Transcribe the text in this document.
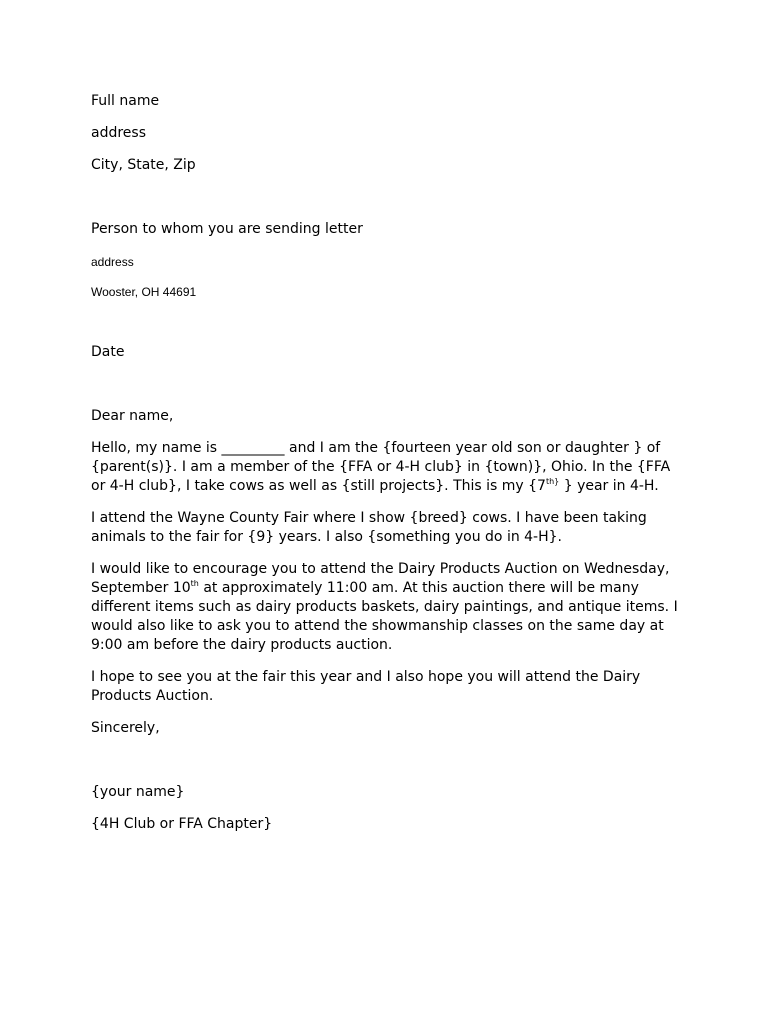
Full name

address

City, State, Zip

Person to whom you are sending letter

address

Wooster, OH 44691

Date

Dear name,

Hello, my name is _________ and I am the {fourteen year old son or daughter } of
{parent(s)}. I am a member of the {FFA or 4-H club} in {town)}, Ohio. In the {FFA
or 4-H club}, I take cows as well as {still projects}. This is my {$7^{th\}}$ } year in 4-H.
I attend the Wayne County Fair where I show {breed} cows. I have been taking
animals to the fair for {9} years. I also {something you do in 4-H}.
I would like to encourage you to attend the Dairy Products Auction on Wednesday,
September 10th at approximately 11:00 am. At this auction there will be many
different items such as dairy products baskets, dairy paintings, and antique items. I
would also like to ask you to attend the showmanship classes on the same day at
9:00 am before the dairy products auction.
I hope to see you at the fair this year and I also hope you will attend the Dairy
Products Auction.

Sincerely,

{your name}

{4H Club or FFA Chapter}
